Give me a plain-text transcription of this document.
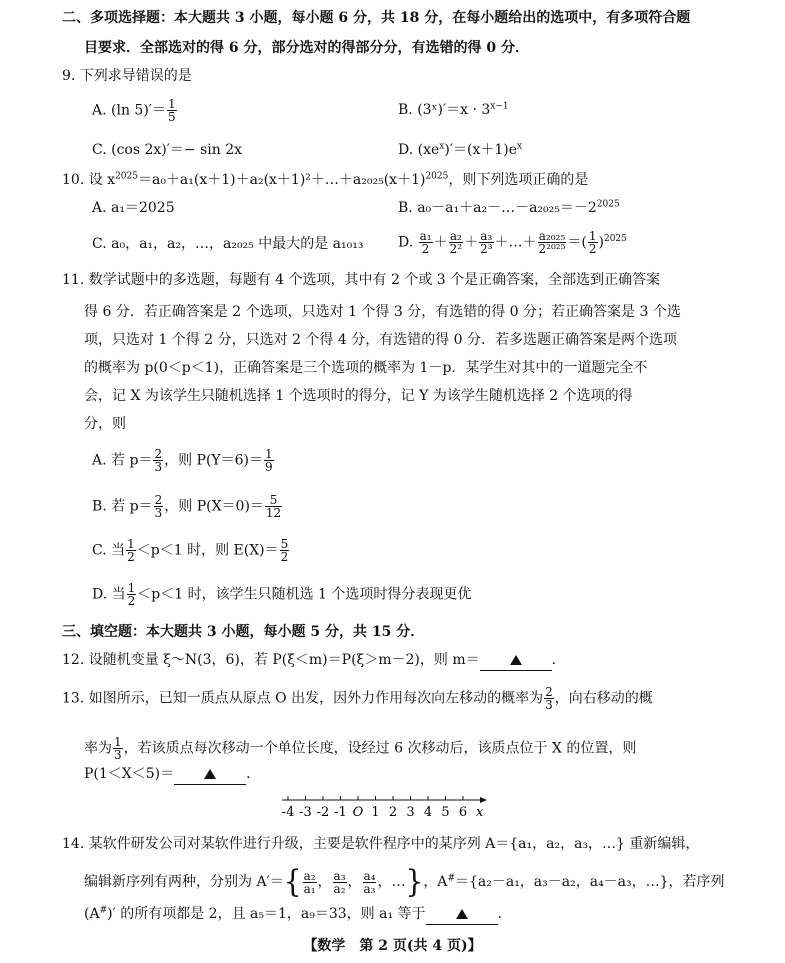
二、多项选择题：本大题共 3 小题，每小题 6 分，共 18 分，在每小题给出的选项中，有多项符合题
目要求．全部选对的得 6 分，部分选对的得部分分，有选错的得 0 分．
9. 下列求导错误的是
A. (ln $5)'= \frac{1}{5}$	B. (3ˣ)′＝x · $3^{x-1}$
C. (cos 2x)′＝− sin 2x	D. $(xe^x)'=(x+1)e^x$
10. 设 $x^{2025}=a_0+a_1(x+1)+a_2(x+1)^2+\dots+a_{2025}(x+1)^{2025}$，则下列选项正确的是
A. a₁＝2025	B. $a_0-a_1+a_2-\dots-a_{2025}=-2^{2025}$
C. a₀，a₁，a₂，…，a₂₀₂₅ 中最大的是 a₁₀₁₃ D. $\frac{\text{a₁}}{2} + \frac{\text{a₂}}{\text{2²}} + \frac{\text{a₃}}{\text{2³}}$ ＋…＋ $\frac{\text{a₂₀₂₅}}{\text{2²⁰²⁵}}$ ＝( $\frac{1}{2} )^{2025}$
11. 数学试题中的多选题，每题有 4 个选项，其中有 2 个或 3 个是正确答案，全部选到正确答案
得 6 分．若正确答案是 2 个选项，只选对 1 个得 3 分，有选错的得 0 分；若正确答案是 3 个选
项，只选对 1 个得 2 分，只选对 2 个得 4 分，有选错的得 0 分．若多选题正确答案是两个选项
的概率为 p(0＜p＜1)，正确答案是三个选项的概率为 1－p．某学生对其中的一道题完全不
会，记 X 为该学生只随机选择 1 个选项时的得分，记 Y 为该学生随机选择 2 个选项的得
分，则
A. 若 $p= \frac{2}{3}$ ，则 $P(Y=6)= \frac{1}{9}$
B. 若 $p= \frac{2}{3}$ ，则 $P(X=0)= \frac{5}{12}$
C. 当 $\frac{1}{2} <p<1$ 时，则 $E(X)= \frac{5}{2}$
D. 当 $\frac{1}{2} <p<1$ 时，该学生只随机选 1 个选项时得分表现更优
三、填空题：本大题共 3 小题，每小题 5 分，共 15 分．
12. 设随机变量 ξ～N(3，6)，若 P(ξ＜m)＝P(ξ＞m－2)，则 m＝	．
13. 如图所示，已知一质点从原点 O 出发，因外力作用每次向左移动的概率为 $\frac{2}{3}$ ，向右移动的概
率为 $\frac{1}{3}$ ，若该质点每次移动一个单位长度，设经过 6 次移动后，该质点位于 X 的位置，则
P(1＜X＜5)＝	．
-4 -3 -2 -1 O 1 2 3 4 5 6 x
14. 某软件研发公司对某软件进行升级，主要是软件程序中的某序列 A＝{a₁，a₂，a₃，…} 重新编辑，
编辑新序列有两种，分别为 $A'=\{ \frac{\text{a₂}}{\text{a₁}}$ ， $\frac{\text{a₃}}{\text{a₂}}$ ， $\frac{\text{a₄}}{\text{a₃}}$ ，…}，A#＝{a₂－a₁，a₃－a₂，a₄－a₃，…}，若序列
(A#)′ 的所有项都是 2，且 a₅＝1，a₉＝33，则 a₁ 等于	．
【数学　第 2 页(共 4 页)】
